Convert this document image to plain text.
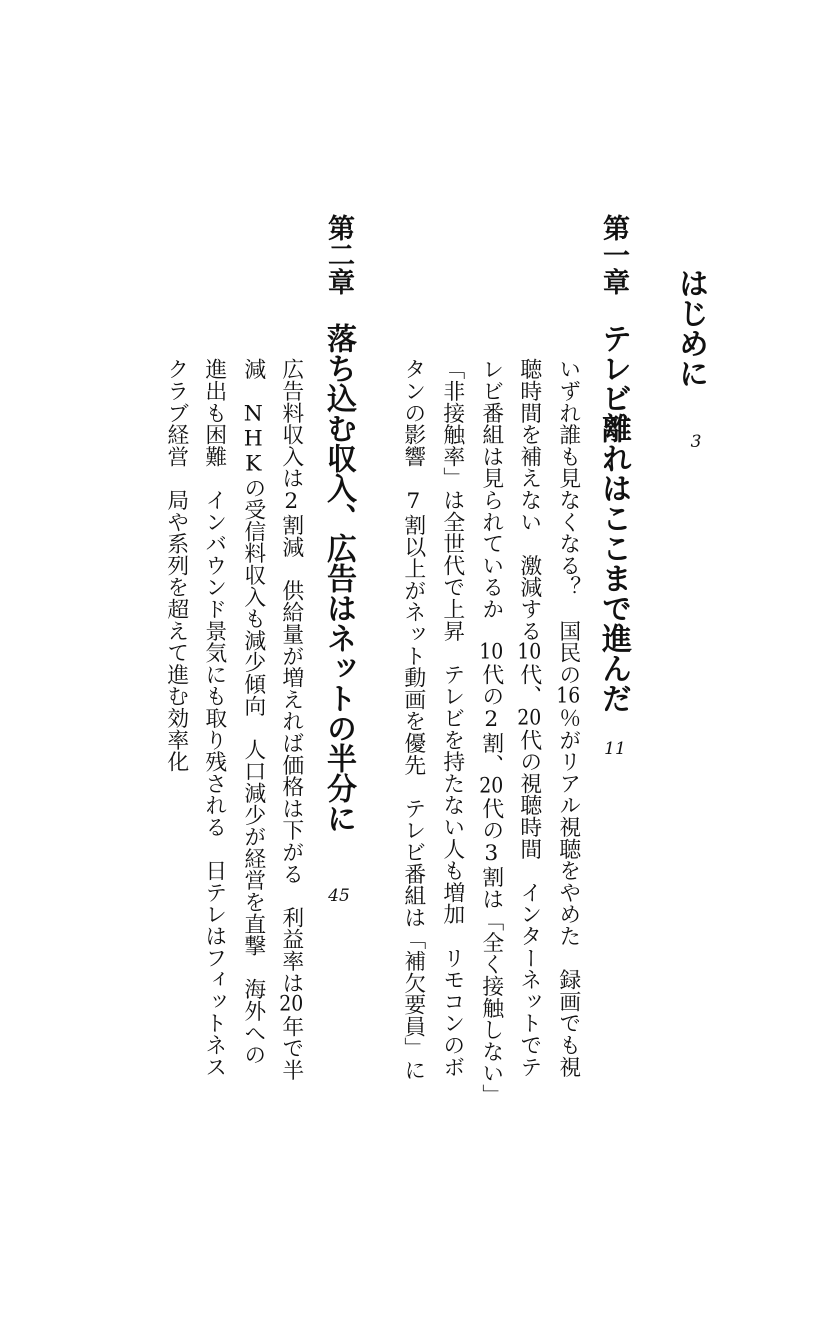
はじめに
3
第一章
テレビ離れはここまで進んだ
11
いずれ誰も見なくなる？　国民の16％がリアル視聴をやめた　録画でも視
聴時間を補えない　激減する10代、20代の視聴時間　インターネットでテ
レビ番組は見られているか　10代の2割、20代の3割は「全く接触しない」
「非接触率」は全世代で上昇　テレビを持たない人も増加　リモコンのボ
タンの影響　7割以上がネット動画を優先　テレビ番組は「補欠要員」に
第二章
落ち込む収入、広告はネットの半分に
45
広告料収入は2割減　供給量が増えれば価格は下がる　利益率は20年で半
減　NHKの受信料収入も減少傾向　人口減少が経営を直撃　海外への
進出も困難　インバウンド景気にも取り残される　日テレはフィットネス
クラブ経営　局や系列を超えて進む効率化
